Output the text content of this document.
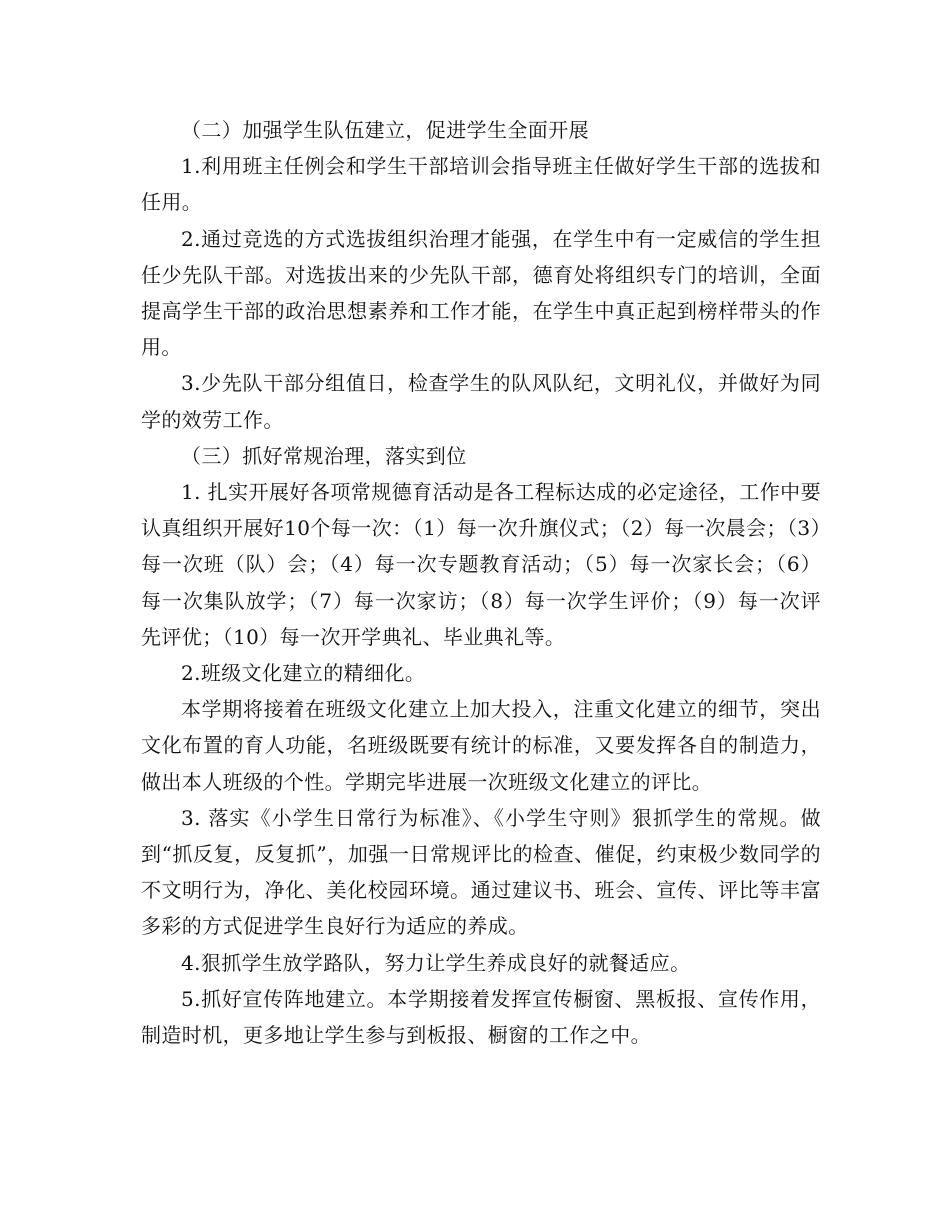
（二）加强学生队伍建立，促进学生全面开展

1.利用班主任例会和学生干部培训会指导班主任做好学生干部的选拔和任用。

2.通过竞选的方式选拔组织治理才能强，在学生中有一定威信的学生担任少先队干部。对选拔出来的少先队干部，德育处将组织专门的培训，全面提高学生干部的政治思想素养和工作才能，在学生中真正起到榜样带头的作用。

3.少先队干部分组值日，检查学生的队风队纪，文明礼仪，并做好为同学的效劳工作。

（三）抓好常规治理，落实到位

1. 扎实开展好各项常规德育活动是各工程标达成的必定途径，工作中要认真组织开展好10个每一次：（1）每一次升旗仪式；（2）每一次晨会；（3）每一次班（队）会；（4）每一次专题教育活动；（5）每一次家长会；（6）每一次集队放学；（7）每一次家访；（8）每一次学生评价；（9）每一次评先评优；（10）每一次开学典礼、毕业典礼等。

2.班级文化建立的精细化。

本学期将接着在班级文化建立上加大投入，注重文化建立的细节，突出文化布置的育人功能，名班级既要有统计的标准，又要发挥各自的制造力，做出本人班级的个性。学期完毕进展一次班级文化建立的评比。

3. 落实《小学生日常行为标准》、《小学生守则》狠抓学生的常规。做到“抓反复，反复抓”，加强一日常规评比的检查、催促，约束极少数同学的不文明行为，净化、美化校园环境。通过建议书、班会、宣传、评比等丰富多彩的方式促进学生良好行为适应的养成。

4.狠抓学生放学路队，努力让学生养成良好的就餐适应。

5.抓好宣传阵地建立。本学期接着发挥宣传橱窗、黑板报、宣传作用，制造时机，更多地让学生参与到板报、橱窗的工作之中。
